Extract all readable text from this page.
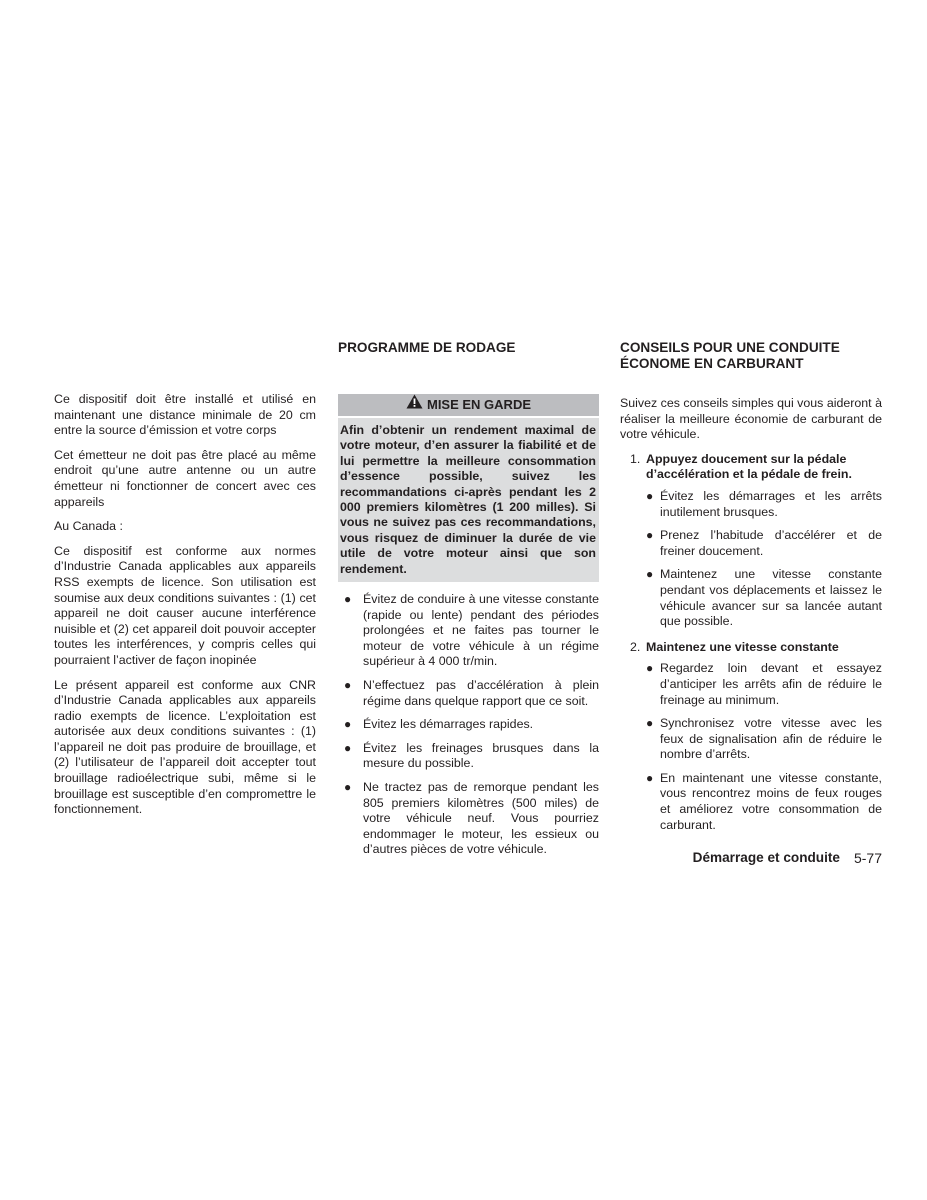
Ce dispositif doit être installé et utilisé en maintenant une distance minimale de 20 cm entre la source d’émission et votre corps

Cet émetteur ne doit pas être placé au même endroit qu’une autre antenne ou un autre émetteur ni fonctionner de concert avec ces appareils

Au Canada :

Ce dispositif est conforme aux normes d’Industrie Canada applicables aux appareils RSS exempts de licence. Son utilisation est soumise aux deux conditions suivantes : (1) cet appareil ne doit causer aucune interférence nuisible et (2) cet appareil doit pouvoir accepter toutes les interférences, y compris celles qui pourraient l’activer de façon inopinée

Le présent appareil est conforme aux CNR d’Industrie Canada applicables aux appareils radio exempts de licence. L’exploitation est autorisée aux deux conditions suivantes : (1) l’appareil ne doit pas produire de brouillage, et (2) l’utilisateur de l’appareil doit accepter tout brouillage radioélectrique subi, même si le brouillage est susceptible d’en compromettre le fonctionnement.

PROGRAMME DE RODAGE
MISE EN GARDE
Afin d’obtenir un rendement maximal de votre moteur, d’en assurer la fiabilité et de lui permettre la meilleure consommation d’essence possible, suivez les recommandations ci-après pendant les 2 000 premiers kilomètres (1 200 milles). Si vous ne suivez pas ces recommandations, vous risquez de diminuer la durée de vie utile de votre moteur ainsi que son rendement.
● Évitez de conduire à une vitesse constante (rapide ou lente) pendant des périodes prolongées et ne faites pas tourner le moteur de votre véhicule à un régime supérieur à 4 000 tr/min.
● N’effectuez pas d’accélération à plein régime dans quelque rapport que ce soit.
● Évitez les démarrages rapides.
● Évitez les freinages brusques dans la mesure du possible.
● Ne tractez pas de remorque pendant les 805 premiers kilomètres (500 miles) de votre véhicule neuf. Vous pourriez endommager le moteur, les essieux ou d’autres pièces de votre véhicule.
CONSEILS POUR UNE CONDUITE
ÉCONOME EN CARBURANT

Suivez ces conseils simples qui vous aideront à réaliser la meilleure économie de carburant de votre véhicule.

1. Appuyez doucement sur la pédale d’accélération et la pédale de frein.
● Évitez les démarrages et les arrêts inutilement brusques.
● Prenez l’habitude d’accélérer et de freiner doucement.
● Maintenez une vitesse constante pendant vos déplacements et laissez le véhicule avancer sur sa lancée autant que possible.
2. Maintenez une vitesse constante
● Regardez loin devant et essayez d’anticiper les arrêts afin de réduire le freinage au minimum.
● Synchronisez votre vitesse avec les feux de signalisation afin de réduire le nombre d’arrêts.
● En maintenant une vitesse constante, vous rencontrez moins de feux rouges et améliorez votre consommation de carburant.
Démarrage et conduite 5-77
